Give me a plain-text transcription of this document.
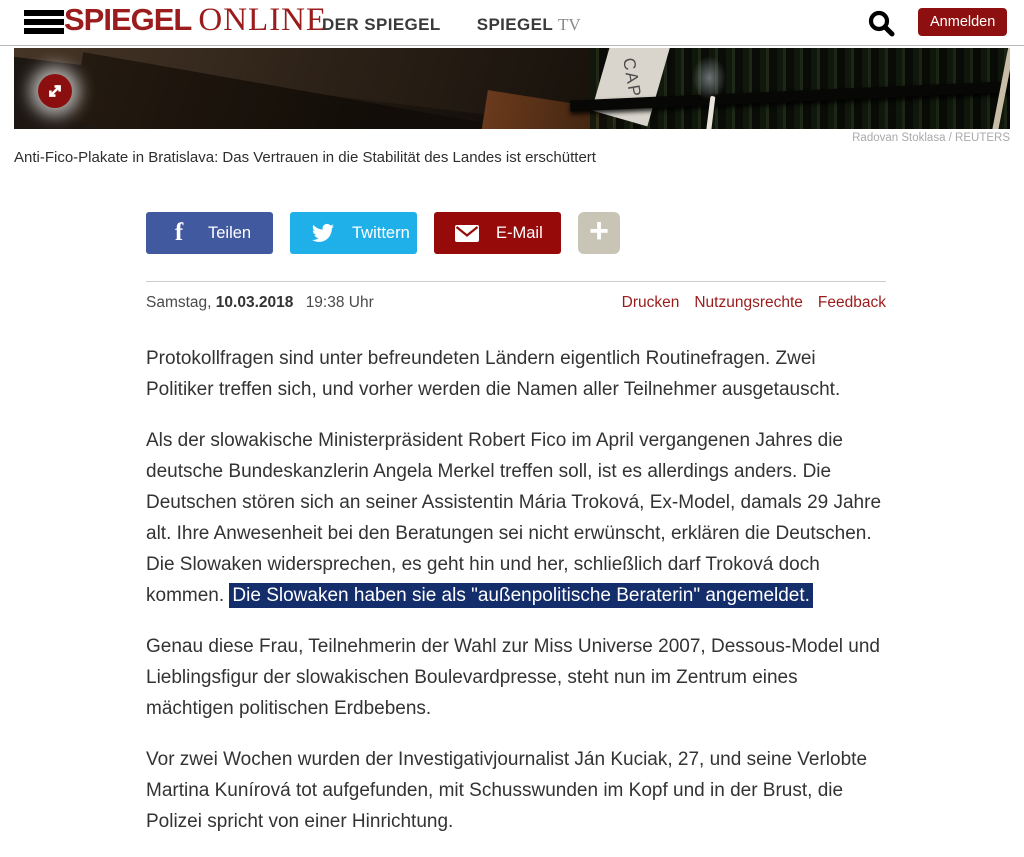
SPIEGEL ONLINE
DER SPIEGEL SPIEGEL TV	Anmelden
CAP
Radovan Stoklasa / REUTERS
Anti-Fico-Plakate in Bratislava: Das Vertrauen in die Stabilität des Landes ist erschüttert
f	Teilen	Twittern	E-Mail +
Samstag, 10.03.2018 19:38 Uhr	Drucken Nutzungsrechte Feedback

Protokollfragen sind unter befreundeten Ländern eigentlich Routinefragen. Zwei Politiker treffen sich, und vorher werden die Namen aller Teilnehmer ausgetauscht.

Als der slowakische Ministerpräsident Robert Fico im April vergangenen Jahres die deutsche Bundeskanzlerin Angela Merkel treffen soll, ist es allerdings anders. Die Deutschen stören sich an seiner Assistentin Mária Troková, Ex-Model, damals 29 Jahre alt. Ihre Anwesenheit bei den Beratungen sei nicht erwünscht, erklären die Deutschen. Die Slowaken widersprechen, es geht hin und her, schließlich darf Troková doch kommen. Die Slowaken haben sie als "außenpolitische Beraterin" angemeldet.

Genau diese Frau, Teilnehmerin der Wahl zur Miss Universe 2007, Dessous-Model und Lieblingsfigur der slowakischen Boulevardpresse, steht nun im Zentrum eines mächtigen politischen Erdbebens.

Vor zwei Wochen wurden der Investigativjournalist Ján Kuciak, 27, und seine Verlobte Martina Kunírová tot aufgefunden, mit Schusswunden im Kopf und in der Brust, die Polizei spricht von einer Hinrichtung.
